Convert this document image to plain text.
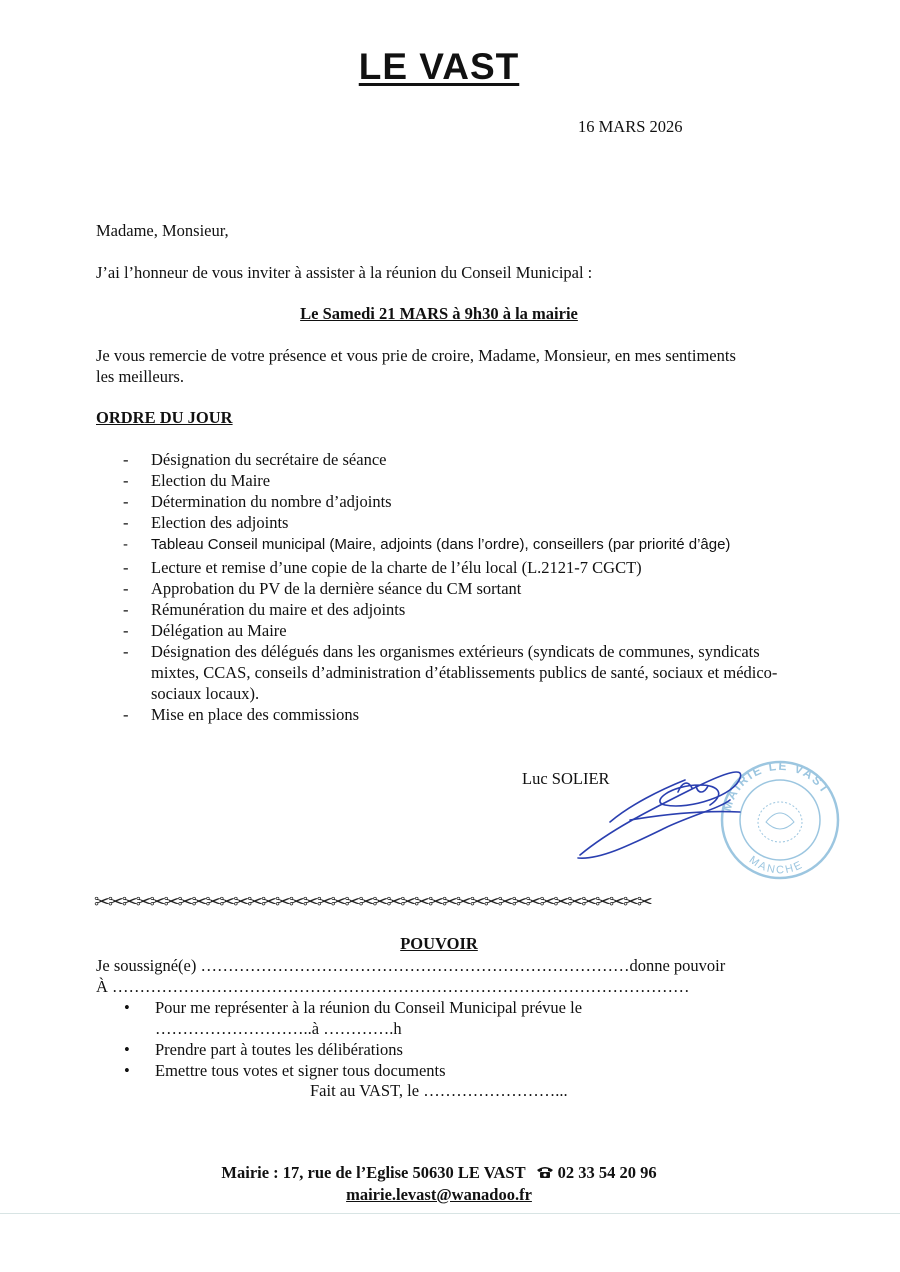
LE VAST
16 MARS 2026
Madame, Monsieur,
J’ai l’honneur de vous inviter à assister à la réunion du Conseil Municipal :
Le Samedi 21 MARS à 9h30 à la mairie
Je vous remercie de votre présence et vous prie de croire, Madame, Monsieur, en mes sentiments les meilleurs.
ORDRE DU JOUR
- Désignation du secrétaire de séance
- Election du Maire
- Détermination du nombre d’adjoints
- Election des adjoints
- Tableau Conseil municipal (Maire, adjoints (dans l’ordre), conseillers (par priorité d’âge)
- Lecture et remise d’une copie de la charte de l’élu local (L.2121-7 CGCT)
- Approbation du PV de la dernière séance du CM sortant
- Rémunération du maire et des adjoints
- Délégation au Maire
- Désignation des délégués dans les organismes extérieurs (syndicats de communes, syndicats mixtes, CCAS, conseils d’administration d’établissements publics de santé, sociaux et médico-sociaux locaux).
- Mise en place des commissions
Luc SOLIER
MAIRIE LE VAST
MANCHE
✂✂✂✂✂✂✂✂✂✂✂✂✂✂✂✂✂✂✂✂✂✂✂✂✂✂✂✂✂✂✂✂✂✂✂✂✂✂✂✂
POUVOIR
Je soussigné(e) ……………………………………………………………………donne pouvoir
À ……………………………………………………………………………………………
• Pour me représenter à la réunion du Conseil Municipal prévue le
………………………..à ………….h
• Prendre part à toutes les délibérations
• Emettre tous votes et signer tous documents
Fait au VAST, le ……………………...
Mairie : 17, rue de l’Eglise 50630 LE VAST 02 33 54 20 96
mairie.levast@wanadoo.fr
